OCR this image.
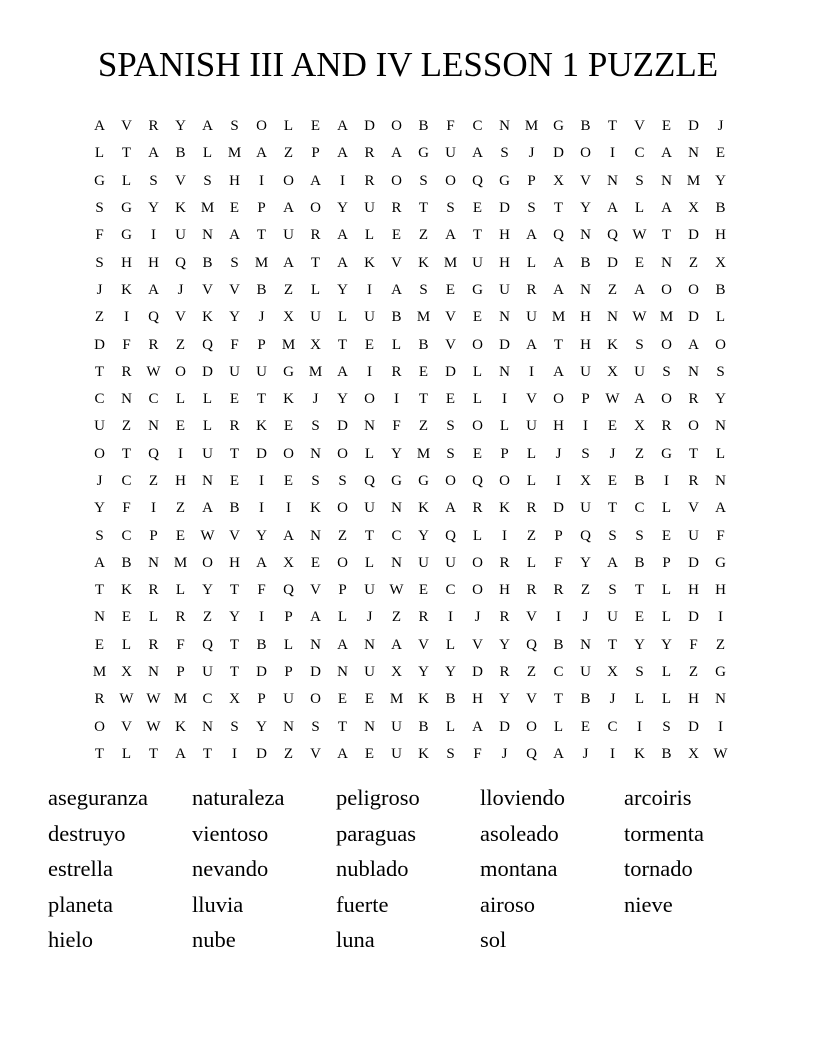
SPANISH III AND IV LESSON 1 PUZZLE
A	V	R	Y	A	S	O	L	E	A	D	O	B	F	C	N M G	B	T	V	E	D	J
L	T	A	B	L	M A	Z	P	A	R	A	G	U	A	S	J	D	O	I	C	A	N	E
G	L	S	V	S	H	I	O	A	I	R	O	S	O	Q	G	P	X	V	N	S	N M Y
S	G	Y	K M	E	P	A	O	Y	U	R	T	S	E	D	S	T	Y	A	L	A	X	B
F	G	I	U	N	A	T	U	R	A	L	E	Z	A	T	H	A	Q	N	Q W	T	D	H
S	H	H	Q	B	S	M A	T	A	K	V	K M U	H	L	A	B	D	E	N	Z	X
J	K	A	J	V	V	B	Z	L	Y	I	A	S	E	G	U	R	A	N	Z	A	O	O	B
Z	I	Q	V	K	Y	J	X	U	L	U	B	M V	E	N	U M H	N W M D	L
D	F	R	Z	Q	F	P	M X	T	E	L	B	V	O	D	A	T	H	K	S	O	A	O
T	R W O	D	U	U	G M A	I	R	E	D	L	N	I	A	U	X	U	S	N	S
C	N	C	L	L	E	T	K	J	Y	O	I	T	E	L	I	V	O	P	W A	O	R	Y
U	Z	N	E	L	R	K	E	S	D	N	F	Z	S	O	L	U	H	I	E	X	R	O	N
O	T	Q	I	U	T	D	O	N	O	L	Y M	S	E	P	L	J	S	J	Z	G	T	L
J	C	Z	H	N	E	I	E	S	S	Q	G	G	O	Q	O	L	I	X	E	B	I	R	N
Y	F	I	Z	A	B	I	I	K	O	U	N	K	A	R	K	R	D	U	T	C	L	V	A
S	C	P	E	W V	Y	A	N	Z	T	C	Y	Q	L	I	Z	P	Q	S	S	E	U	F
A	B	N M O	H	A	X	E	O	L	N	U	U	O	R	L	F	Y	A	B	P	D	G
T	K	R	L	Y	T	F	Q	V	P	U W	E	C	O	H	R	R	Z	S	T	L	H	H
N	E	L	R	Z	Y	I	P	A	L	J	Z	R	I	J	R	V	I	J	U	E	L	D	I
E	L	R	F	Q	T	B	L	N	A	N	A	V	L	V	Y	Q	B	N	T	Y	Y	F	Z
M X	N	P	U	T	D	P	D	N	U	X	Y	Y	D	R	Z	C	U	X	S	L	Z	G
R W W M	C	X	P	U	O	E	E	M K	B	H	Y	V	T	B	J	L	L	H	N
O	V W K	N	S	Y	N	S	T	N	U	B	L	A	D	O	L	E	C	I	S	D	I
T	L	T	A	T	I	D	Z	V	A	E	U	K	S	F	J	Q	A	J	I	K	B	X W
aseguranza	naturaleza	peligroso	lloviendo	arcoiris
destruyo	vientoso	paraguas	asoleado	tormenta
estrella	nevando	nublado	montana	tornado
planeta	lluvia	fuerte	airoso	nieve
hielo	nube	luna	sol
